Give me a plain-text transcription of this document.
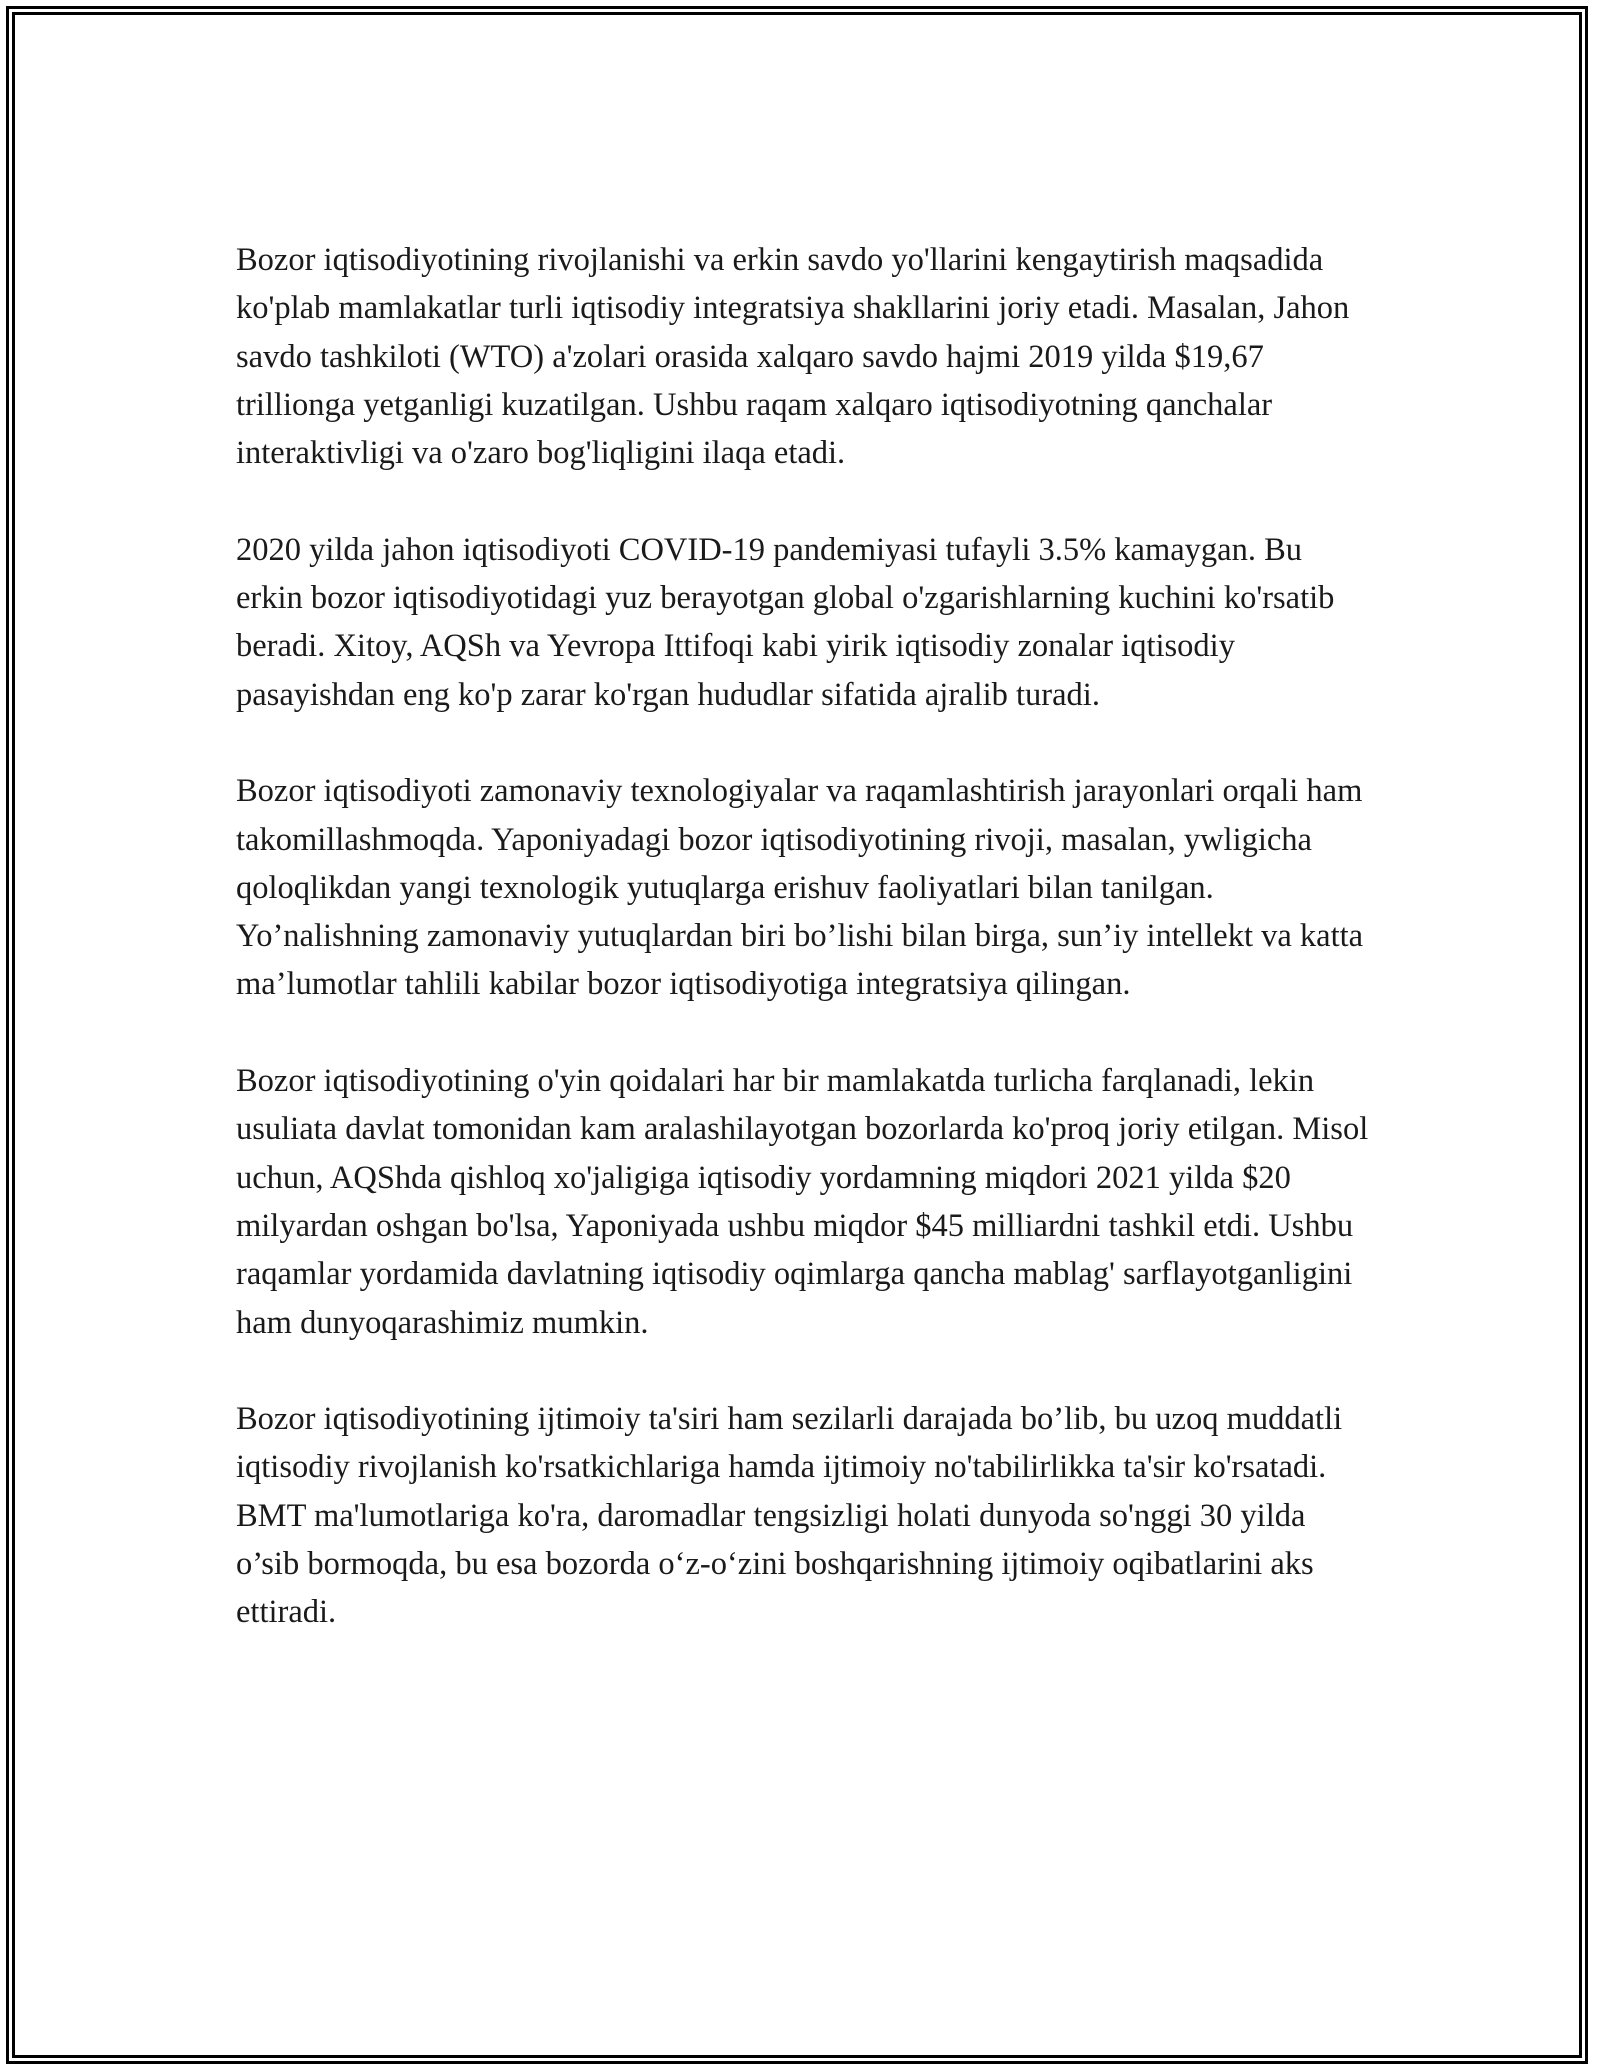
Bozor iqtisodiyotining rivojlanishi va erkin savdo yo'llarini kengaytirish maqsadida ko'plab mamlakatlar turli iqtisodiy integratsiya shakllarini joriy etadi. Masalan, Jahon savdo tashkiloti (WTO) a'zolari orasida xalqaro savdo hajmi 2019 yilda $19,67 trillionga yetganligi kuzatilgan. Ushbu raqam xalqaro iqtisodiyotning qanchalar interaktivligi va o'zaro bog'liqligini ilaqa etadi.

2020 yilda jahon iqtisodiyoti COVID-19 pandemiyasi tufayli 3.5% kamaygan. Bu erkin bozor iqtisodiyotidagi yuz berayotgan global o'zgarishlarning kuchini ko'rsatib beradi. Xitoy, AQSh va Yevropa Ittifoqi kabi yirik iqtisodiy zonalar iqtisodiy pasayishdan eng ko'p zarar ko'rgan hududlar sifatida ajralib turadi.

Bozor iqtisodiyoti zamonaviy texnologiyalar va raqamlashtirish jarayonlari orqali ham takomillashmoqda. Yaponiyadagi bozor iqtisodiyotining rivoji, masalan, ywligicha qoloqlikdan yangi texnologik yutuqlarga erishuv faoliyatlari bilan tanilgan. Yo’nalishning zamonaviy yutuqlardan biri bo’lishi bilan birga, sun’iy intellekt va katta ma’lumotlar tahlili kabilar bozor iqtisodiyotiga integratsiya qilingan.

Bozor iqtisodiyotining o'yin qoidalari har bir mamlakatda turlicha farqlanadi, lekin usuliata davlat tomonidan kam aralashilayotgan bozorlarda ko'proq joriy etilgan. Misol uchun, AQShda qishloq xo'jaligiga iqtisodiy yordamning miqdori 2021 yilda $20 milyardan oshgan bo'lsa, Yaponiyada ushbu miqdor $45 milliardni tashkil etdi. Ushbu raqamlar yordamida davlatning iqtisodiy oqimlarga qancha mablag' sarflayotganligini ham dunyoqarashimiz mumkin.

Bozor iqtisodiyotining ijtimoiy ta'siri ham sezilarli darajada bo’lib, bu uzoq muddatli iqtisodiy rivojlanish ko'rsatkichlariga hamda ijtimoiy no'tabilirlikka ta'sir ko'rsatadi. BMT ma'lumotlariga ko'ra, daromadlar tengsizligi holati dunyoda so'nggi 30 yilda o’sib bormoqda, bu esa bozorda o‘z-o‘zini boshqarishning ijtimoiy oqibatlarini aks ettiradi.
